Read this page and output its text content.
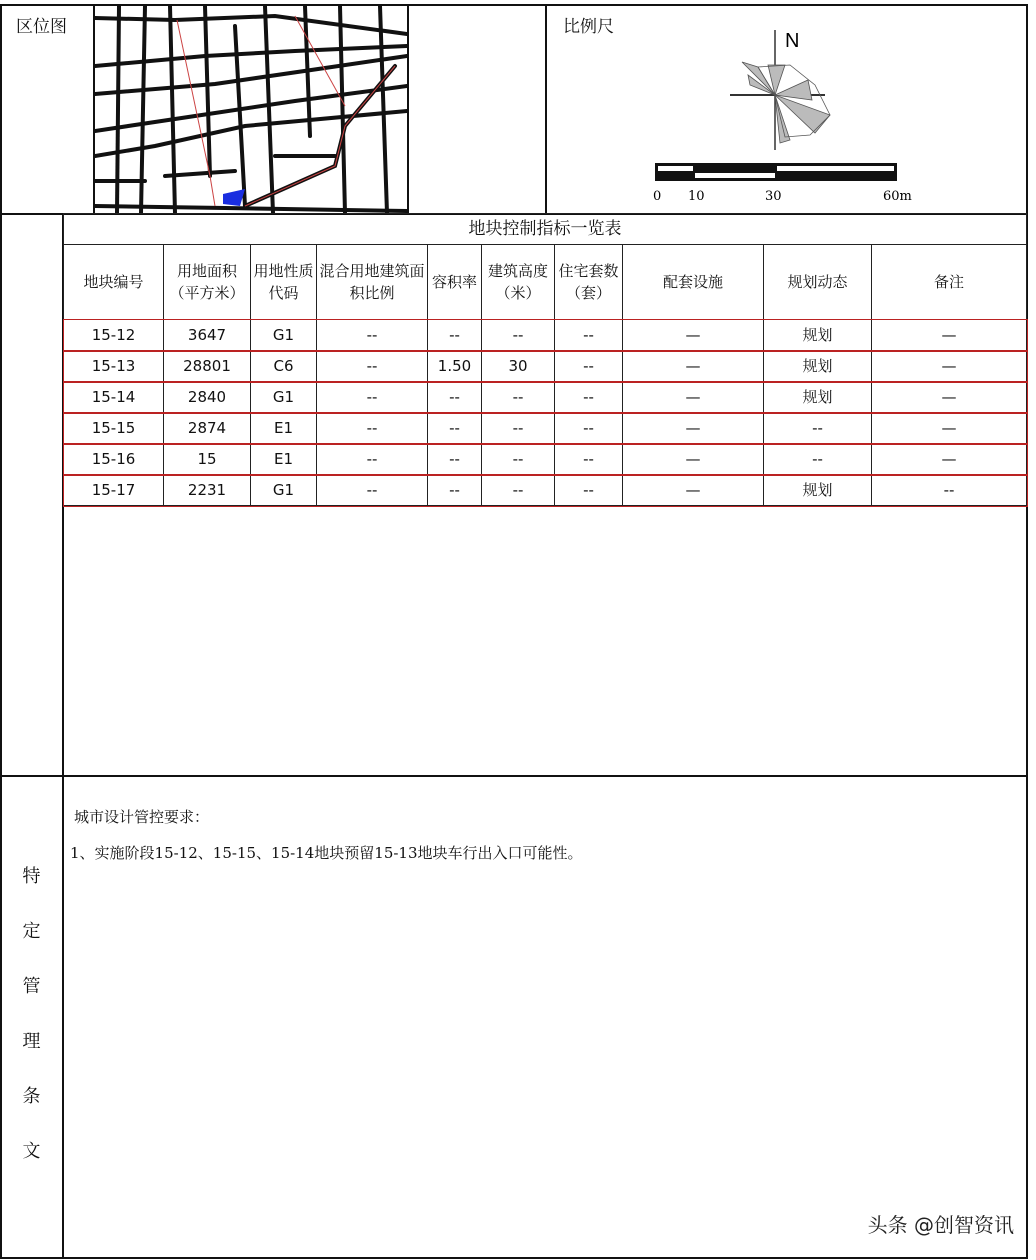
区位图	比例尺
N
0 10	30	60m
地块控制指标一览表									
地块编号	用地面积（平方米）	用地性质代码	混合用地建筑面积比例	容积率	建筑高度（米）	住宅套数（套）	配套设施	规划动态	备注
15-12	3647	G1	--	--	--	--	—	规划	—
15-13	28801	C6	--	1.50	30	--	—	规划	—
15-14	2840	G1	--	--	--	--	—	规划	—
15-15	2874	E1	--	--	--	--	—	--	—
15-16	15	E1	--	--	--	--	—	--	—
15-17	2231	G1	--	--	--	--	—	规划	--
特
定
管
理
条
文
城市设计管控要求：
1、实施阶段15-12、15-15、15-14地块预留15-13地块车行出入口可能性。
头条 @创智资讯
